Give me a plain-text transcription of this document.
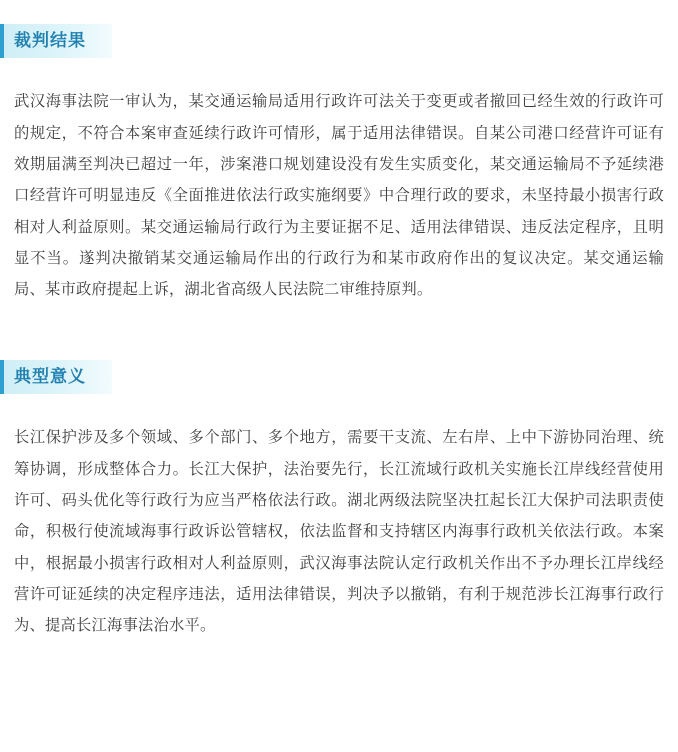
裁判结果

武汉海事法院一审认为，某交通运输局适用行政许可法关于变更或者撤回已经生效的行政许可的规定，不符合本案审查延续行政许可情形，属于适用法律错误。自某公司港口经营许可证有效期届满至判决已超过一年，涉案港口规划建设没有发生实质变化，某交通运输局不予延续港口经营许可明显违反《全面推进依法行政实施纲要》中合理行政的要求，未坚持最小损害行政相对人利益原则。某交通运输局行政行为主要证据不足、适用法律错误、违反法定程序，且明显不当。遂判决撤销某交通运输局作出的行政行为和某市政府作出的复议决定。某交通运输局、某市政府提起上诉，湖北省高级人民法院二审维持原判。

典型意义

长江保护涉及多个领域、多个部门、多个地方，需要干支流、左右岸、上中下游协同治理、统筹协调，形成整体合力。长江大保护，法治要先行，长江流域行政机关实施长江岸线经营使用许可、码头优化等行政行为应当严格依法行政。湖北两级法院坚决扛起长江大保护司法职责使命，积极行使流域海事行政诉讼管辖权，依法监督和支持辖区内海事行政机关依法行政。本案中，根据最小损害行政相对人利益原则，武汉海事法院认定行政机关作出不予办理长江岸线经营许可证延续的决定程序违法，适用法律错误，判决予以撤销，有利于规范涉长江海事行政行为、提高长江海事法治水平。
